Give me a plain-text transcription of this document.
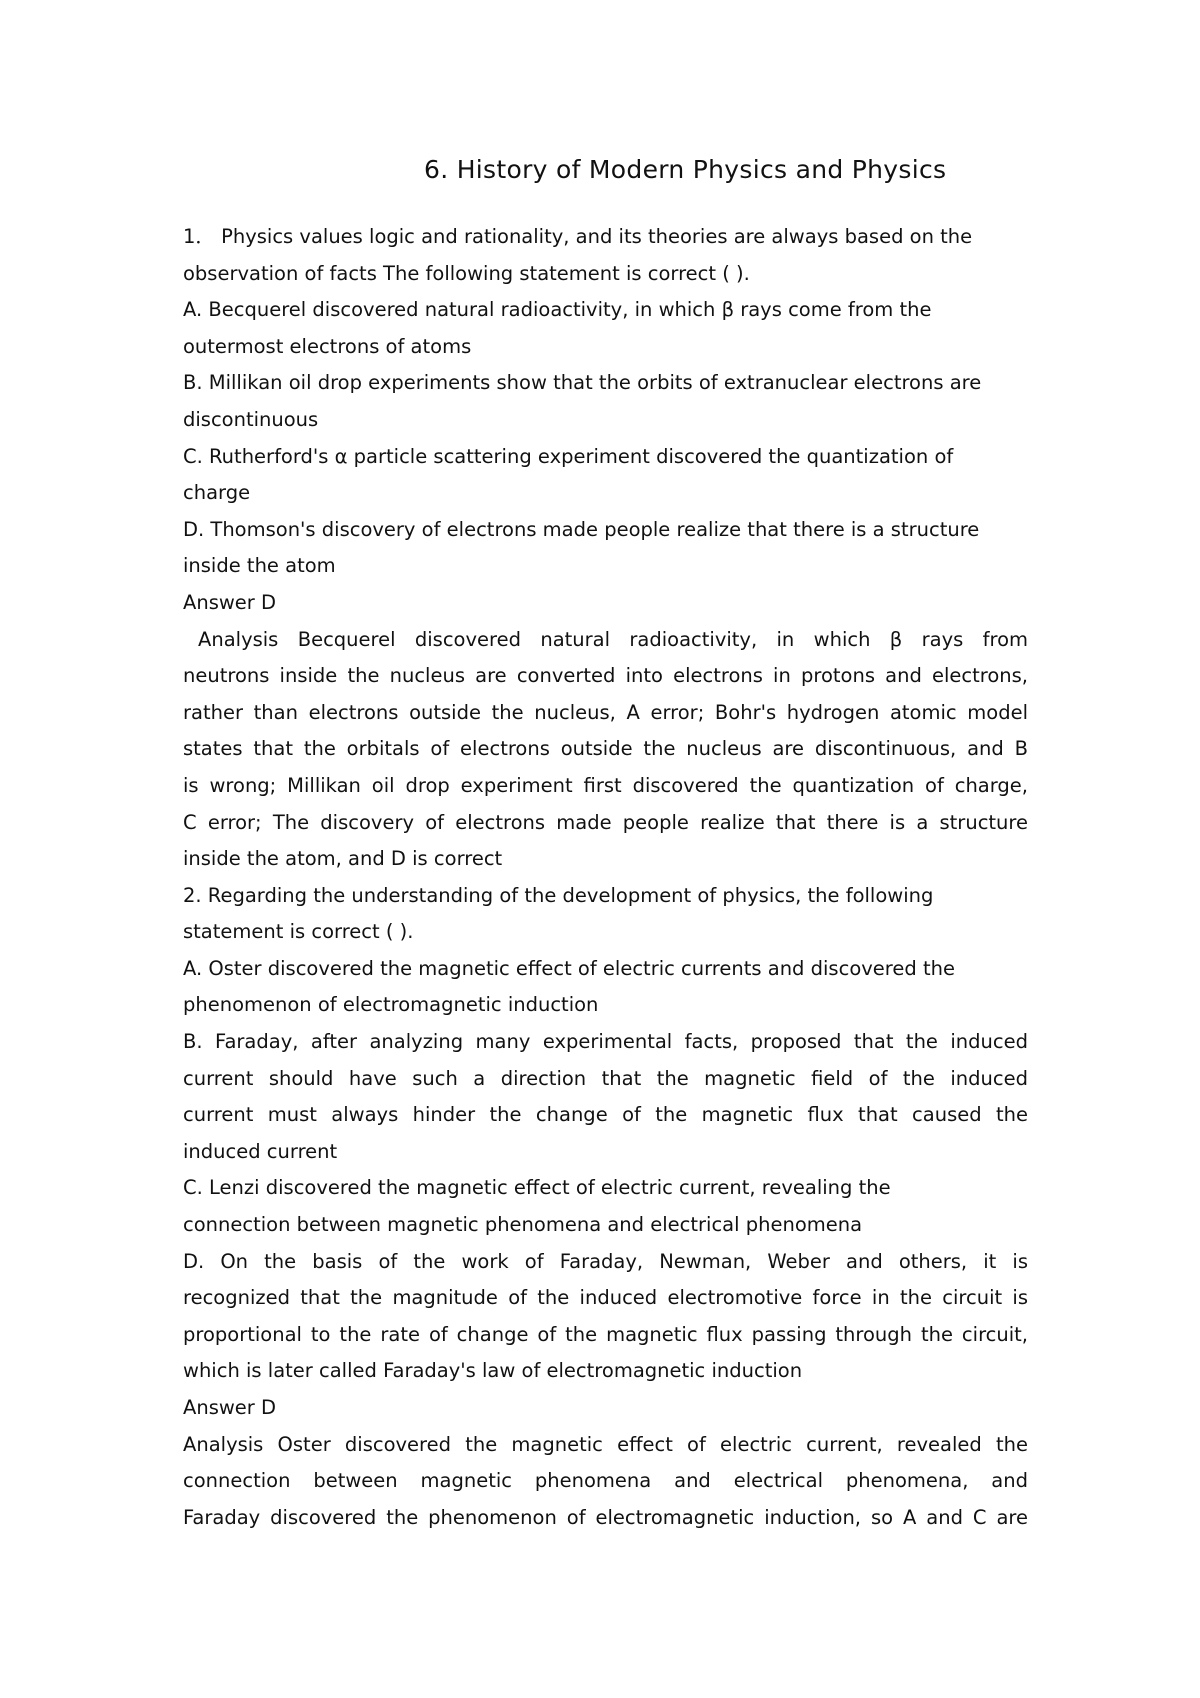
6. History of Modern Physics and Physics
1． Physics values logic and rationality, and its theories are always based on the
observation of facts The following statement is correct ( ).
A. Becquerel discovered natural radioactivity, in which β rays come from the
outermost electrons of atoms
B. Millikan oil drop experiments show that the orbits of extranuclear electrons are
discontinuous
C. Rutherford's α particle scattering experiment discovered the quantization of
charge
D. Thomson's discovery of electrons made people realize that there is a structure
inside the atom
Answer D
Analysis Becquerel discovered natural radioactivity, in which β rays from
neutrons inside the nucleus are converted into electrons in protons and electrons,
rather than electrons outside the nucleus, A error; Bohr's hydrogen atomic model
states that the orbitals of electrons outside the nucleus are discontinuous, and B
is wrong; Millikan oil drop experiment first discovered the quantization of charge,
C error; The discovery of electrons made people realize that there is a structure
inside the atom, and D is correct
2. Regarding the understanding of the development of physics, the following
statement is correct ( ).
A. Oster discovered the magnetic effect of electric currents and discovered the
phenomenon of electromagnetic induction
B. Faraday, after analyzing many experimental facts, proposed that the induced
current should have such a direction that the magnetic field of the induced
current must always hinder the change of the magnetic flux that caused the
induced current
C. Lenzi discovered the magnetic effect of electric current, revealing the
connection between magnetic phenomena and electrical phenomena
D. On the basis of the work of Faraday, Newman, Weber and others, it is
recognized that the magnitude of the induced electromotive force in the circuit is
proportional to the rate of change of the magnetic flux passing through the circuit,
which is later called Faraday's law of electromagnetic induction
Answer D
Analysis Oster discovered the magnetic effect of electric current, revealed the
connection between magnetic phenomena and electrical phenomena, and
Faraday discovered the phenomenon of electromagnetic induction, so A and C are
